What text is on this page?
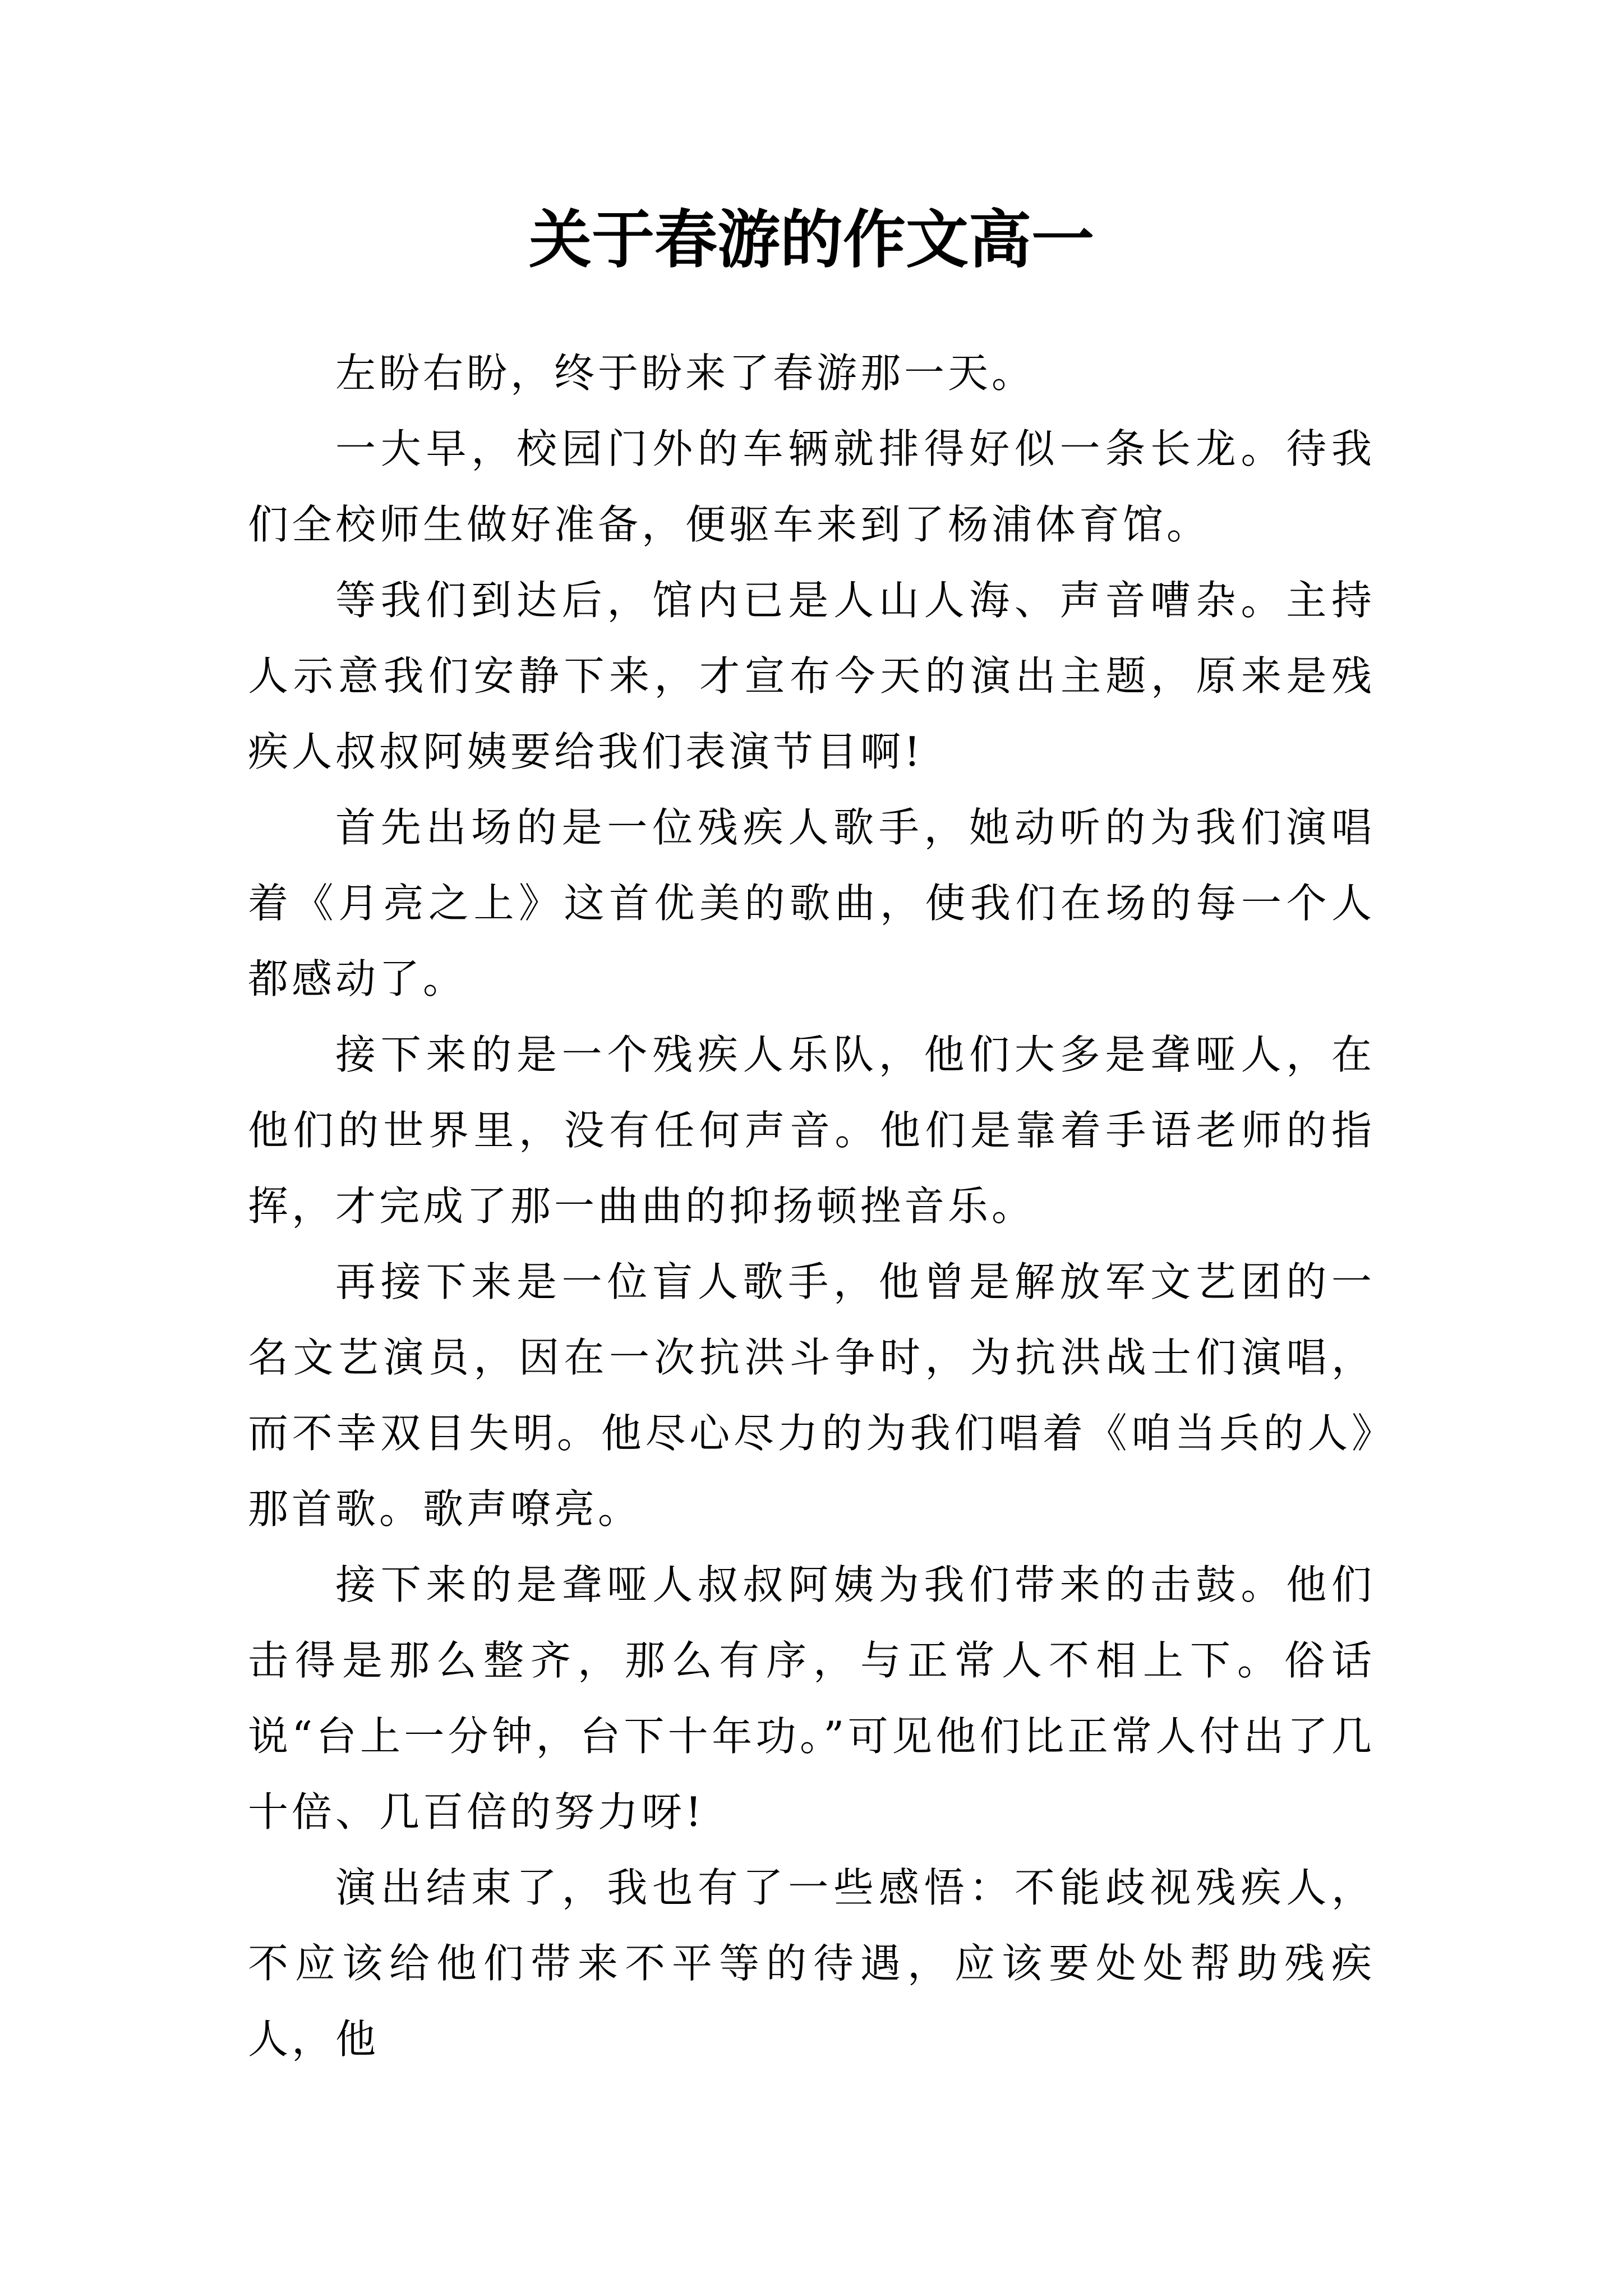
关于春游的作文高一

左盼右盼，终于盼来了春游那一天。

一大早，校园门外的车辆就排得好似一条长龙。待我们全校师生做好准备，便驱车来到了杨浦体育馆。

等我们到达后，馆内已是人山人海、声音嘈杂。主持人示意我们安静下来，才宣布今天的演出主题，原来是残疾人叔叔阿姨要给我们表演节目啊!

首先出场的是一位残疾人歌手，她动听的为我们演唱着《月亮之上》这首优美的歌曲，使我们在场的每一个人都感动了。

接下来的是一个残疾人乐队，他们大多是聋哑人，在他们的世界里，没有任何声音。他们是靠着手语老师的指挥，才完成了那一曲曲的抑扬顿挫音乐。

再接下来是一位盲人歌手，他曾是解放军文艺团的一名文艺演员，因在一次抗洪斗争时，为抗洪战士们演唱，而不幸双目失明。他尽心尽力的为我们唱着《咱当兵的人》那首歌。歌声嘹亮。

接下来的是聋哑人叔叔阿姨为我们带来的击鼓。他们击得是那么整齐，那么有序，与正常人不相上下。俗话说“台上一分钟，台下十年功。”可见他们比正常人付出了几十倍、几百倍的努力呀!

演出结束了，我也有了一些感悟：不能歧视残疾人，不应该给他们带来不平等的待遇，应该要处处帮助残疾人，他
